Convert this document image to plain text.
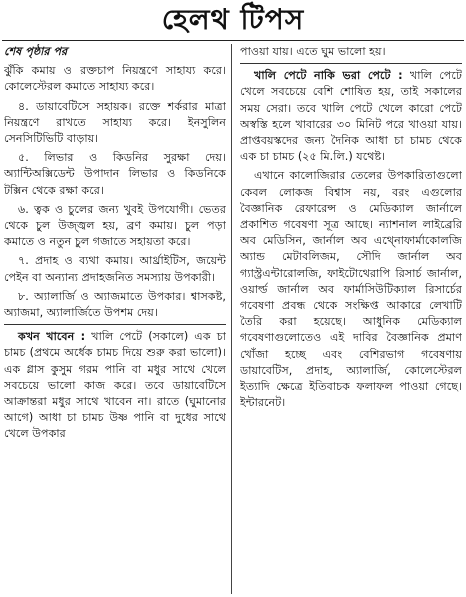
হেলথ টিপস

শেষ পৃষ্ঠার পর

ঝুঁকি কমায় ও রক্তচাপ নিয়ন্ত্রণে সাহায্য করে। কোলেস্টেরল কমাতে সাহায্য করে।

৪. ডায়াবেটিসে সহায়ক। রক্তে শর্করার মাত্রা নিয়ন্ত্রণে রাখতে সাহায্য করে। ইনসুলিন সেনসিটিভিটি বাড়ায়।

৫. লিভার ও কিডনির সুরক্ষা দেয়। অ্যান্টিঅক্সিডেন্ট উপাদান লিভার ও কিডনিকে টক্সিন থেকে রক্ষা করে।

৬. ত্বক ও চুলের জন্য খুবই উপযোগী। ভেতর থেকে চুল উজ্জ্বল হয়, ব্রণ কমায়। চুল পড়া কমাতে ও নতুন চুল গজাতে সহায়তা করে।

৭. প্রদাহ ও ব্যথা কমায়। আর্থ্রাইটিস, জয়েন্ট পেইন বা অন্যান্য প্রদাহজনিত সমস্যায় উপকারী।

৮. অ্যালার্জি ও অ্যাজমাতে উপকার। শ্বাসকষ্ট, অ্যাজমা, অ্যালার্জিতে উপশম দেয়।

কখন খাবেন : খালি পেটে (সকালে) এক চা চামচ (প্রথমে অর্ধেক চামচ দিয়ে শুরু করা ভালো)। এক গ্লাস কুসুম গরম পানি বা মধুর সাথে খেলে সবচেয়ে ভালো কাজ করে। তবে ডায়াবেটিসে আক্রান্তরা মধুর সাথে খাবেন না। রাতে (ঘুমানোর আগে) আধা চা চামচ উষ্ণ পানি বা দুধের সাথে খেলে উপকার

পাওয়া যায়। এতে ঘুম ভালো হয়।

খালি পেটে নাকি ভরা পেটে : খালি পেটে খেলে সবচেয়ে বেশি শোষিত হয়, তাই সকালের সময় সেরা। তবে খালি পেটে খেলে কারো পেটে অস্বস্তি হলে খাবারের ৩০ মিনিট পরে খাওয়া যায়। প্রাপ্তবয়স্কদের জন্য দৈনিক আধা চা চামচ থেকে এক চা চামচ (২৫ মি.লি.) যথেষ্ট।

এখানে কালোজিরার তেলের উপকারিতাগুলো কেবল লোকজ বিশ্বাস নয়, বরং এগুলোর বৈজ্ঞানিক রেফারেন্স ও মেডিক্যাল জার্নালে প্রকাশিত গবেষণা সূত্র আছে। ন্যাশনাল লাইব্রেরি অব মেডিসিন, জার্নাল অব এথ্নোফার্মাকোলজি অ্যান্ড মেটাবলিজম, সৌদি জার্নাল অব গ্যাস্ট্রএন্টারোলজি, ফাইটোথেরাপি রিসার্চ জার্নাল, ওয়ার্ল্ড জার্নাল অব ফার্মাসিউটিক্যাল রিসার্চের গবেষণা প্রবন্ধ থেকে সংক্ষিপ্ত আকারে লেখাটি তৈরি করা হয়েছে। আধুনিক মেডিক্যাল গবেষণাগুলোতেও এই দাবির বৈজ্ঞানিক প্রমাণ খোঁজা হচ্ছে এবং বেশিরভাগ গবেষণায় ডায়াবেটিস, প্রদাহ, অ্যালার্জি, কোলেস্টেরল ইত্যাদি ক্ষেত্রে ইতিবাচক ফলাফল পাওয়া গেছে। ইন্টারনেট।
